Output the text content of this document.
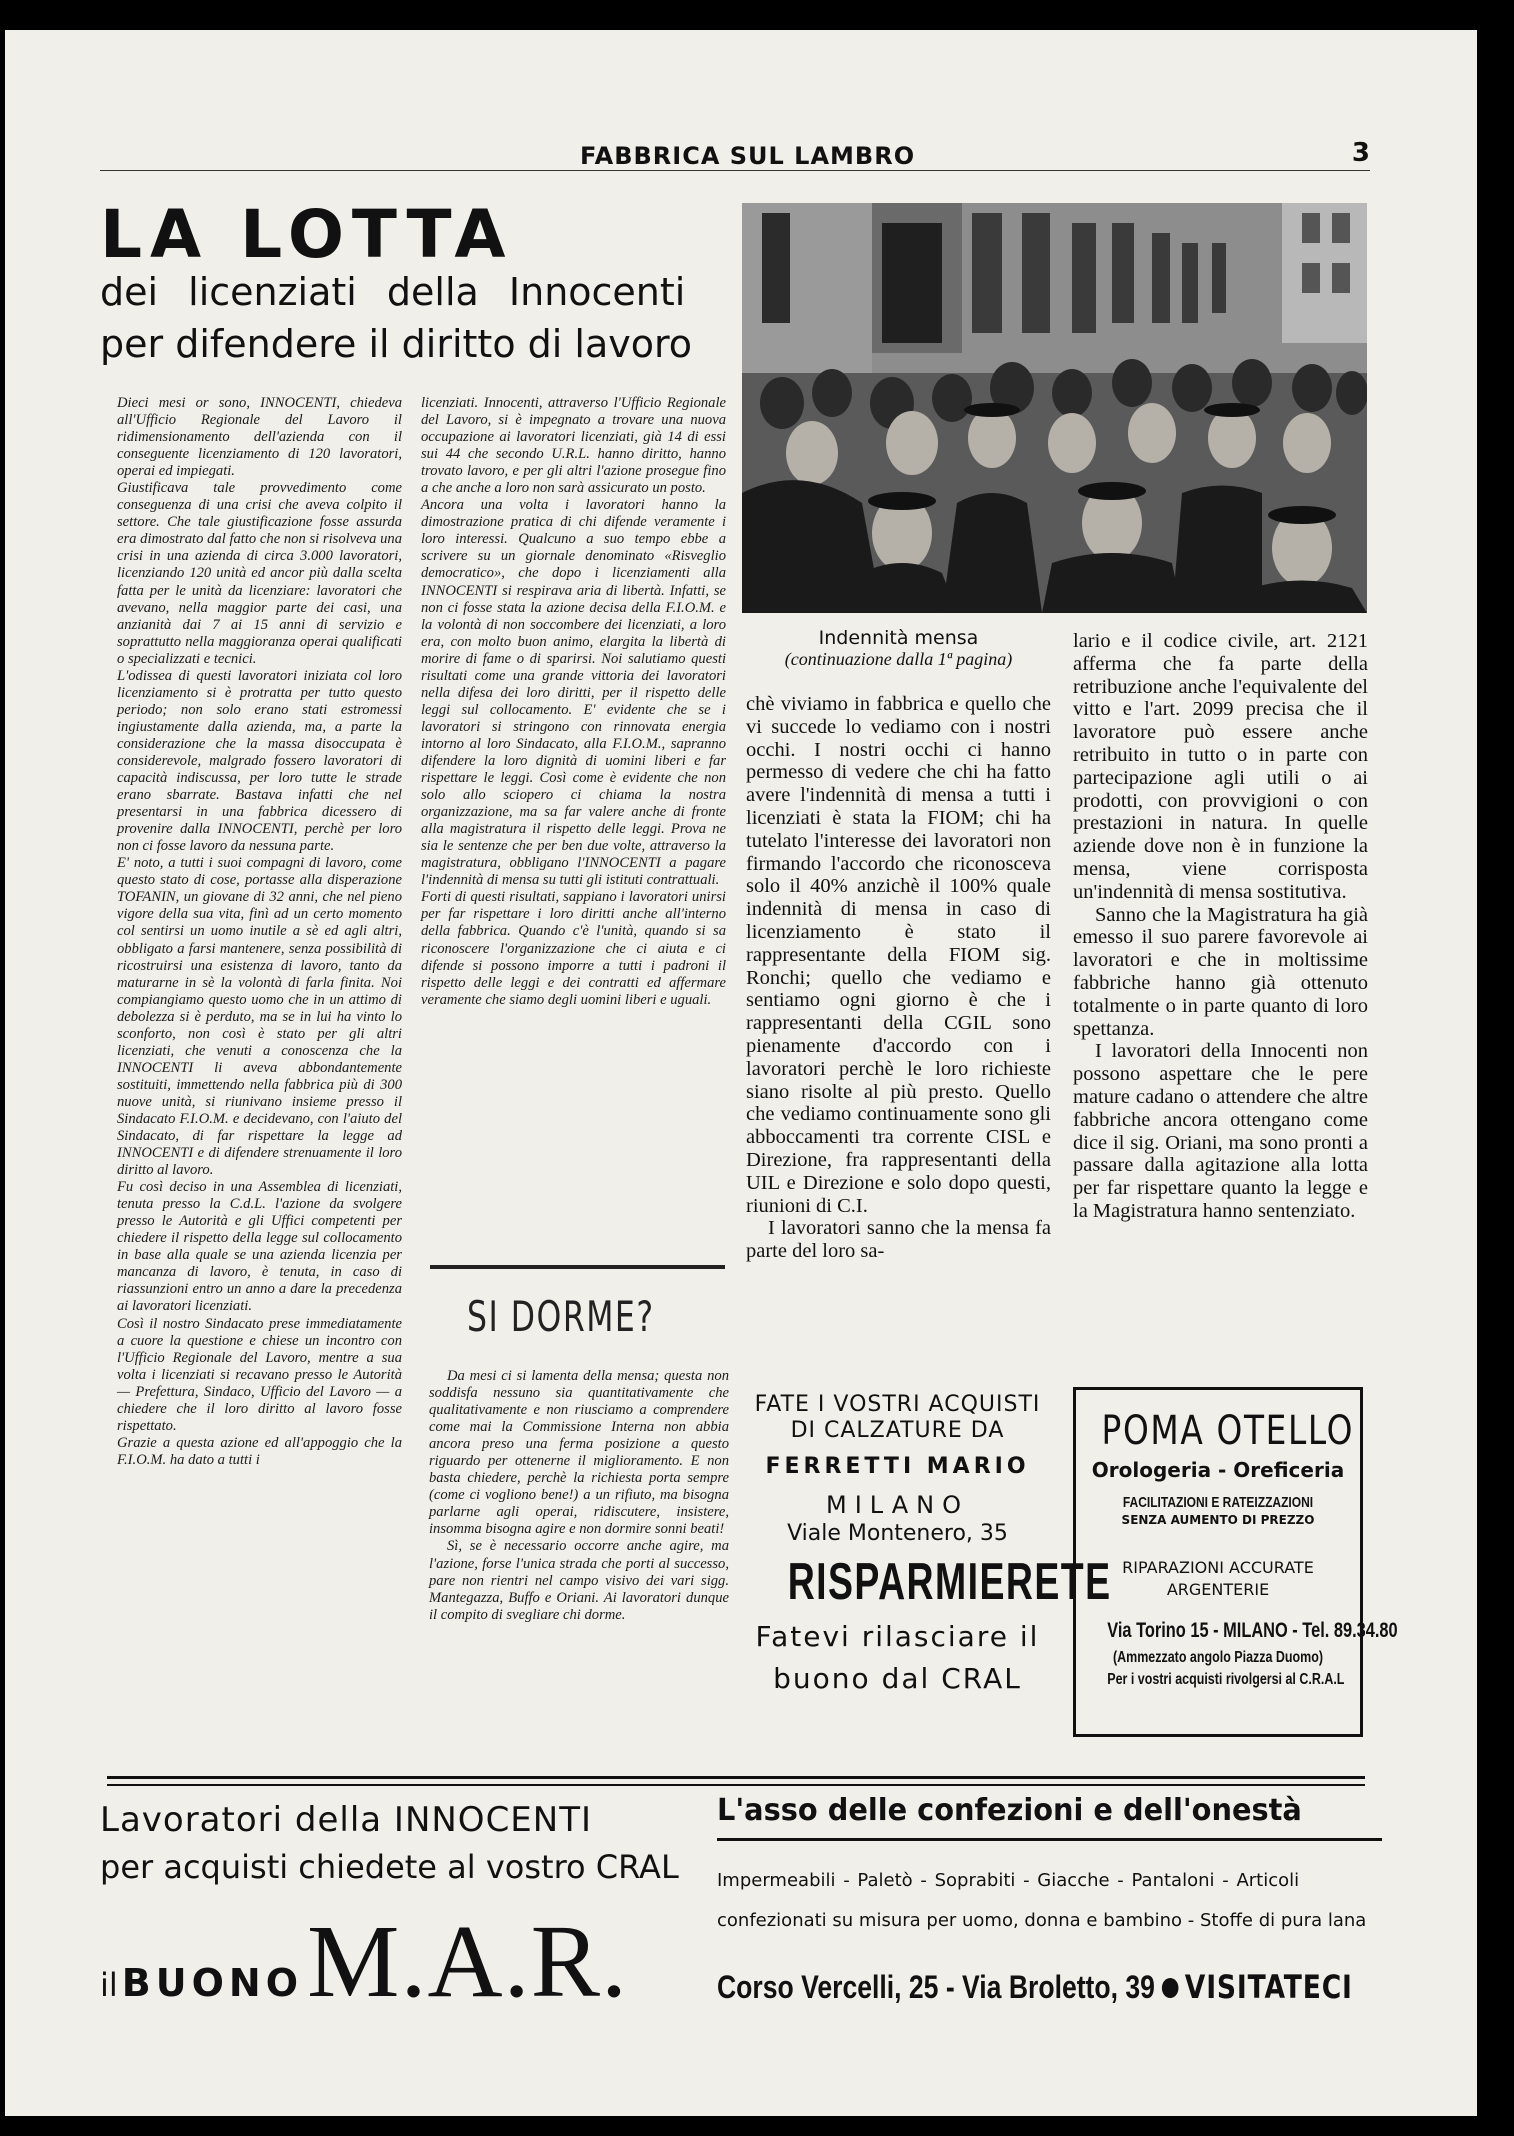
FABBRICA SUL LAMBRO	3
LA LOTTA
dei licenziati della Innocenti
per difendere il diritto di lavoro

Dieci mesi or sono, INNOCENTI, chiedeva all'Ufficio Regionale del Lavoro il ridimensionamento dell'azienda con il conseguente licenziamento di 120 lavoratori, operai ed impiegati.

Giustificava tale provvedimento come conseguenza di una crisi che aveva colpito il settore. Che tale giustificazione fosse assurda era dimostrato dal fatto che non si risolveva una crisi in una azienda di circa 3.000 lavoratori, licenziando 120 unità ed ancor più dalla scelta fatta per le unità da licenziare: lavoratori che avevano, nella maggior parte dei casi, una anzianità dai 7 ai 15 anni di servizio e soprattutto nella maggioranza operai qualificati o specializzati e tecnici.

L'odissea di questi lavoratori iniziata col loro licenziamento si è protratta per tutto questo periodo; non solo erano stati estromessi ingiustamente dalla azienda, ma, a parte la considerazione che la massa disoccupata è considerevole, malgrado fossero lavoratori di capacità indiscussa, per loro tutte le strade erano sbarrate. Bastava infatti che nel presentarsi in una fabbrica dicessero di provenire dalla INNOCENTI, perchè per loro non ci fosse lavoro da nessuna parte.

E' noto, a tutti i suoi compagni di lavoro, come questo stato di cose, portasse alla disperazione TOFANIN, un giovane di 32 anni, che nel pieno vigore della sua vita, finì ad un certo momento col sentirsi un uomo inutile a sè ed agli altri, obbligato a farsi mantenere, senza possibilità di ricostruirsi una esistenza di lavoro, tanto da maturarne in sè la volontà di farla finita. Noi compiangiamo questo uomo che in un attimo di debolezza si è perduto, ma se in lui ha vinto lo sconforto, non così è stato per gli altri licenziati, che venuti a conoscenza che la INNOCENTI li aveva abbondantemente sostituiti, immettendo nella fabbrica più di 300 nuove unità, si riunivano insieme presso il Sindacato F.I.O.M. e decidevano, con l'aiuto del Sindacato, di far rispettare la legge ad INNOCENTI e di difendere strenuamente il loro diritto al lavoro.

Fu così deciso in una Assemblea di licenziati, tenuta presso la C.d.L. l'azione da svolgere presso le Autorità e gli Uffici competenti per chiedere il rispetto della legge sul collocamento in base alla quale se una azienda licenzia per mancanza di lavoro, è tenuta, in caso di riassunzioni entro un anno a dare la precedenza ai lavoratori licenziati.

Così il nostro Sindacato prese immediatamente a cuore la questione e chiese un incontro con l'Ufficio Regionale del Lavoro, mentre a sua volta i licenziati si recavano presso le Autorità — Prefettura, Sindaco, Ufficio del Lavoro — a chiedere che il loro diritto al lavoro fosse rispettato.

Grazie a questa azione ed all'appoggio che la F.I.O.M. ha dato a tutti i

licenziati. Innocenti, attraverso l'Ufficio Regionale del Lavoro, si è impegnato a trovare una nuova occupazione ai lavoratori licenziati, già 14 di essi sui 44 che secondo U.R.L. hanno diritto, hanno trovato lavoro, e per gli altri l'azione prosegue fino a che anche a loro non sarà assicurato un posto.

Ancora una volta i lavoratori hanno la dimostrazione pratica di chi difende veramente i loro interessi. Qualcuno a suo tempo ebbe a scrivere su un giornale denominato «Risveglio democratico», che dopo i licenziamenti alla INNOCENTI si respirava aria di libertà. Infatti, se non ci fosse stata la azione decisa della F.I.O.M. e la volontà di non soccombere dei licenziati, a loro era, con molto buon animo, elargita la libertà di morire di fame o di sparirsi. Noi salutiamo questi risultati come una grande vittoria dei lavoratori nella difesa dei loro diritti, per il rispetto delle leggi sul collocamento. E' evidente che se i lavoratori si stringono con rinnovata energia intorno al loro Sindacato, alla F.I.O.M., sapranno difendere la loro dignità di uomini liberi e far rispettare le leggi. Così come è evidente che non solo allo sciopero ci chiama la nostra organizzazione, ma sa far valere anche di fronte alla magistratura il rispetto delle leggi. Prova ne sia le sentenze che per ben due volte, attraverso la magistratura, obbligano l'INNOCENTI a pagare l'indennità di mensa su tutti gli istituti contrattuali.

Forti di questi risultati, sappiano i lavoratori unirsi per far rispettare i loro diritti anche all'interno della fabbrica. Quando c'è l'unità, quando si sa riconoscere l'organizzazione che ci aiuta e ci difende si possono imporre a tutti i padroni il rispetto delle leggi e dei contratti ed affermare veramente che siamo degli uomini liberi e uguali.

Indennità mensa
(continuazione dalla 1ª pagina)

chè viviamo in fabbrica e quello che vi succede lo vediamo con i nostri occhi. I nostri occhi ci hanno permesso di vedere che chi ha fatto avere l'indennità di mensa a tutti i licenziati è stata la FIOM; chi ha tutelato l'interesse dei lavoratori non firmando l'accordo che riconosceva solo il 40% anzichè il 100% quale indennità di mensa in caso di licenziamento è stato il rappresentante della FIOM sig. Ronchi; quello che vediamo e sentiamo ogni giorno è che i rappresentanti della CGIL sono pienamente d'accordo con i lavoratori perchè le loro richieste siano risolte al più presto. Quello che vediamo continuamente sono gli abboccamenti tra corrente CISL e Direzione, fra rappresentanti della UIL e Direzione e solo dopo questi, riunioni di C.I.

I lavoratori sanno che la mensa fa parte del loro sa-

lario e il codice civile, art. 2121 afferma che fa parte della retribuzione anche l'equivalente del vitto e l'art. 2099 precisa che il lavoratore può essere anche retribuito in tutto o in parte con partecipazione agli utili o ai prodotti, con provvigioni o con prestazioni in natura. In quelle aziende dove non è in funzione la mensa, viene corrisposta un'indennità di mensa sostitutiva.

Sanno che la Magistratura ha già emesso il suo parere favorevole ai lavoratori e che in moltissime fabbriche hanno già ottenuto totalmente o in parte quanto di loro spettanza.

I lavoratori della Innocenti non possono aspettare che le pere mature cadano o attendere che altre fabbriche ancora ottengano come dice il sig. Oriani, ma sono pronti a passare dalla agitazione alla lotta per far rispettare quanto la legge e la Magistratura hanno sentenziato.

SI DORME?

Da mesi ci si lamenta della mensa; questa non soddisfa nessuno sia quantitativamente che qualitativamente e non riusciamo a comprendere come mai la Commissione Interna non abbia ancora preso una ferma posizione a questo riguardo per ottenerne il miglioramento. E non basta chiedere, perchè la richiesta porta sempre (come ci vogliono bene!) a un rifiuto, ma bisogna parlarne agli operai, ridiscutere, insistere, insomma bisogna agire e non dormire sonni beati!

Sì, se è necessario occorre anche agire, ma l'azione, forse l'unica strada che porti al successo, pare non rientri nel campo visivo dei vari sigg. Mantegazza, Buffo e Oriani. Ai lavoratori dunque il compito di svegliare chi dorme.

FATE I VOSTRI ACQUISTI
DI CALZATURE DA
FERRETTI MARIO
MILANO
Viale Montenero, 35
RISPARMIERETE
Fatevi rilasciare il
buono dal CRAL
POMA OTELLO
Orologeria - Oreficeria
FACILITAZIONI E RATEIZZAZIONI
SENZA AUMENTO DI PREZZO
RIPARAZIONI ACCURATE
ARGENTERIE
Via Torino 15 - MILANO - Tel. 89.34.80
(Ammezzato angolo Piazza Duomo)
Per i vostri acquisti rivolgersi al C.R.A.L
Lavoratori della INNOCENTI
per acquisti chiedete al vostro CRAL
il BUONO M.A.R.
L'asso delle confezioni e dell'onestà
Impermeabili - Paletò - Soprabiti - Giacche - Pantaloni - Articoli
confezionati su misura per uomo, donna e bambino - Stoffe di pura lana
Corso Vercelli, 25 - Via Broletto, 39 VISITATECI
